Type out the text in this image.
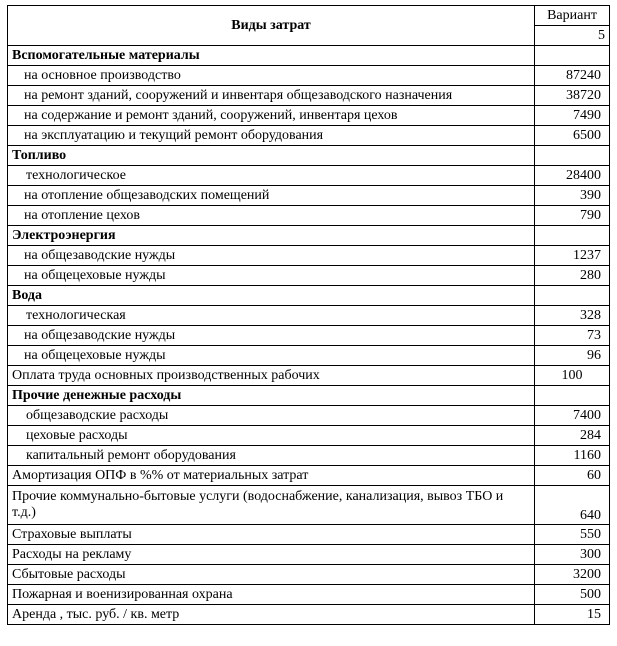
Виды затрат	Вариант
	5
Вспомогательные материалы	
на основное производство	87240
на ремонт зданий, сооружений и инвентаря общезаводского назначения	38720
на содержание и ремонт зданий, сооружений, инвентаря цехов	7490
на эксплуатацию и текущий ремонт оборудования	6500
Топливо	
технологическое	28400
на отопление общезаводских помещений	390
на отопление цехов	790
Электроэнергия	
на общезаводские нужды	1237
на общецеховые нужды	280
Вода	
технологическая	328
на общезаводские нужды	73
на общецеховые нужды	96
Оплата труда основных производственных рабочих	100
Прочие денежные расходы	
общезаводские расходы	7400
цеховые расходы	284
капитальный ремонт оборудования	1160
Амортизация ОПФ в %% от материальных затрат	60
Прочие коммунально-бытовые услуги (водоснабжение, канализация, вывоз ТБО и т.д.)	640
Страховые выплаты	550
Расходы на рекламу	300
Сбытовые расходы	3200
Пожарная и военизированная охрана	500
Аренда , тыс. руб. / кв. метр	15
